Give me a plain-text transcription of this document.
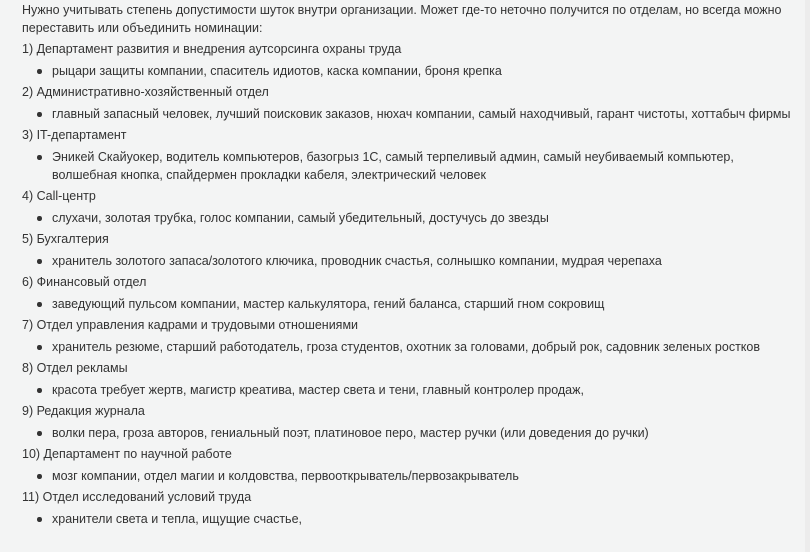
Нужно учитывать степень допустимости шуток внутри организации. Может где-то неточно получится по отделам, но всегда можно переставить или объединить номинации:

1) Департамент развития и внедрения аутсорсинга охраны труда

рыцари защиты компании, спаситель идиотов, каска компании, броня крепка

2) Административно-хозяйственный отдел

главный запасный человек, лучший поисковик заказов, нюхач компании, самый находчивый, гарант чистоты, хоттабыч фирмы

3) IT-департамент

Эникей Скайуокер, водитель компьютеров, базогрыз 1С, самый терпеливый админ, самый неубиваемый компьютер, волшебная кнопка, спайдермен прокладки кабеля, электрический человек

4) Call-центр

слухачи, золотая трубка, голос компании, самый убедительный, достучусь до звезды

5) Бухгалтерия

хранитель золотого запаса/золотого ключика, проводник счастья, солнышко компании, мудрая черепаха

6) Финансовый отдел

заведующий пульсом компании, мастер калькулятора, гений баланса, старший гном сокровищ

7) Отдел управления кадрами и трудовыми отношениями

хранитель резюме, старший работодатель, гроза студентов, охотник за головами, добрый рок, садовник зеленых ростков

8) Отдел рекламы

красота требует жертв, магистр креатива, мастер света и тени, главный контролер продаж,

9) Редакция журнала

волки пера, гроза авторов, гениальный поэт, платиновое перо, мастер ручки (или доведения до ручки)

10) Департамент по научной работе

мозг компании, отдел магии и колдовства, первооткрыватель/первозакрыватель

11) Отдел исследований условий труда

хранители света и тепла, ищущие счастье,
